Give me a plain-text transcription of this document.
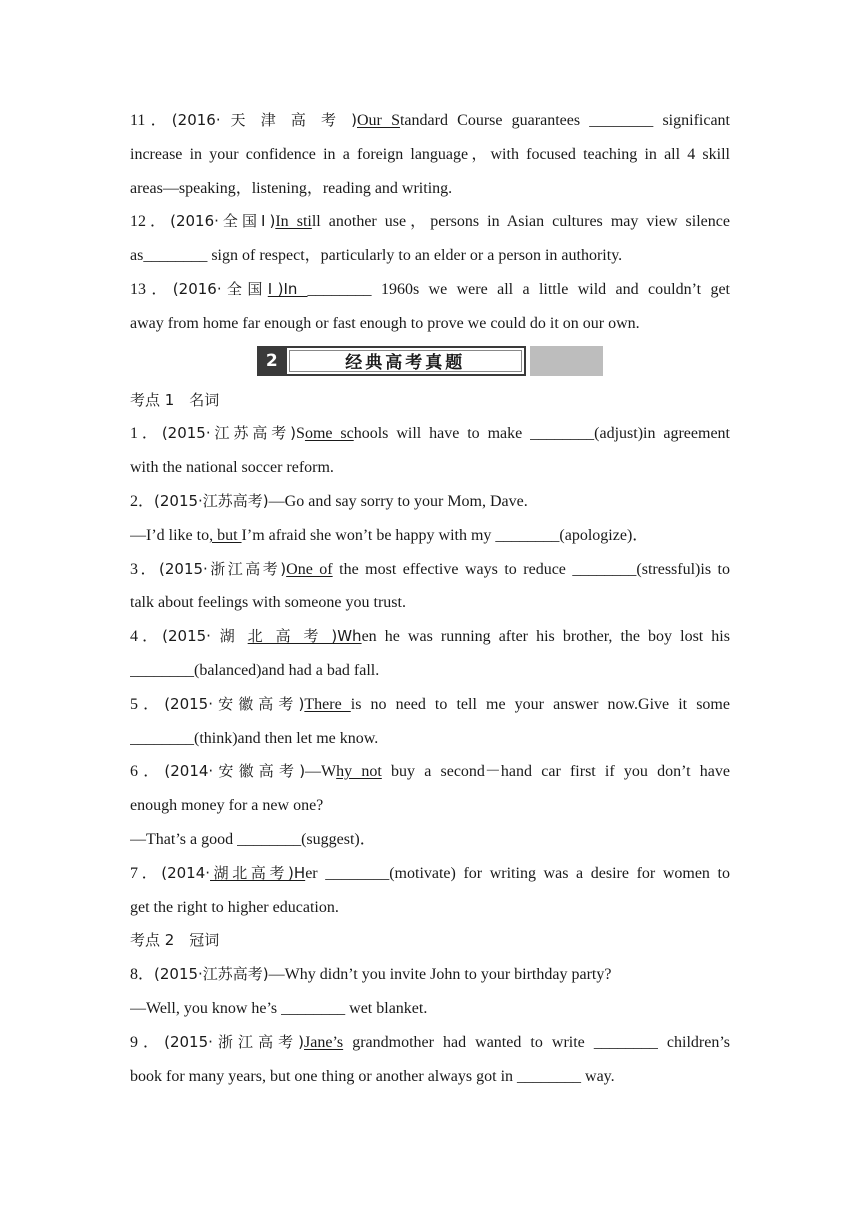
11．(2016· 天 津 高 考 )Our Standard Course guarantees ________ significant
increase in your confidence in a foreign language，with focused teaching in all 4 skill
areas—speaking，listening，reading and writing.
12．(2016·全国Ⅰ)In still another use，persons in Asian cultures may view silence
as________ sign of respect，particularly to an elder or a person in authority.
13．(2016·全国Ⅰ)In ________ 1960s we were all a little wild and couldn’t get
away from home far enough or fast enough to prove we could do it on our own.
2	经典高考真题
考点 1　名词
1．(2015·江苏高考)Some schools will have to make ________(adjust)in agreement
with the national soccer reform.
2．(2015·江苏高考)—Go and say sorry to your Mom, Dave.
—I’d like to, but I’m afraid she won’t be happy with my ________(apologize)．
3．(2015·浙江高考)One of the most effective ways to reduce ________(stressful)is to
talk about feelings with someone you trust.
4．(2015· 湖 北 高 考 )When he was running after his brother, the boy lost his
________(balanced)and had a bad fall.
5．(2015·安徽高考)There is no need to tell me your answer now.Give it some
________(think)and then let me know.
6．(2014·安徽高考)—Why not buy a second－hand car first if you don’t have
enough money for a new one?
—That’s a good ________(suggest)．
7．(2014·湖北高考)Her ________(motivate) for writing was a desire for women to
get the right to higher education.
考点 2　冠词
8．(2015·江苏高考)—Why didn’t you invite John to your birthday party?
—Well, you know he’s ________ wet blanket.
9．(2015·浙江高考)Jane’s grandmother had wanted to write ________ children’s
book for many years, but one thing or another always got in ________ way.
